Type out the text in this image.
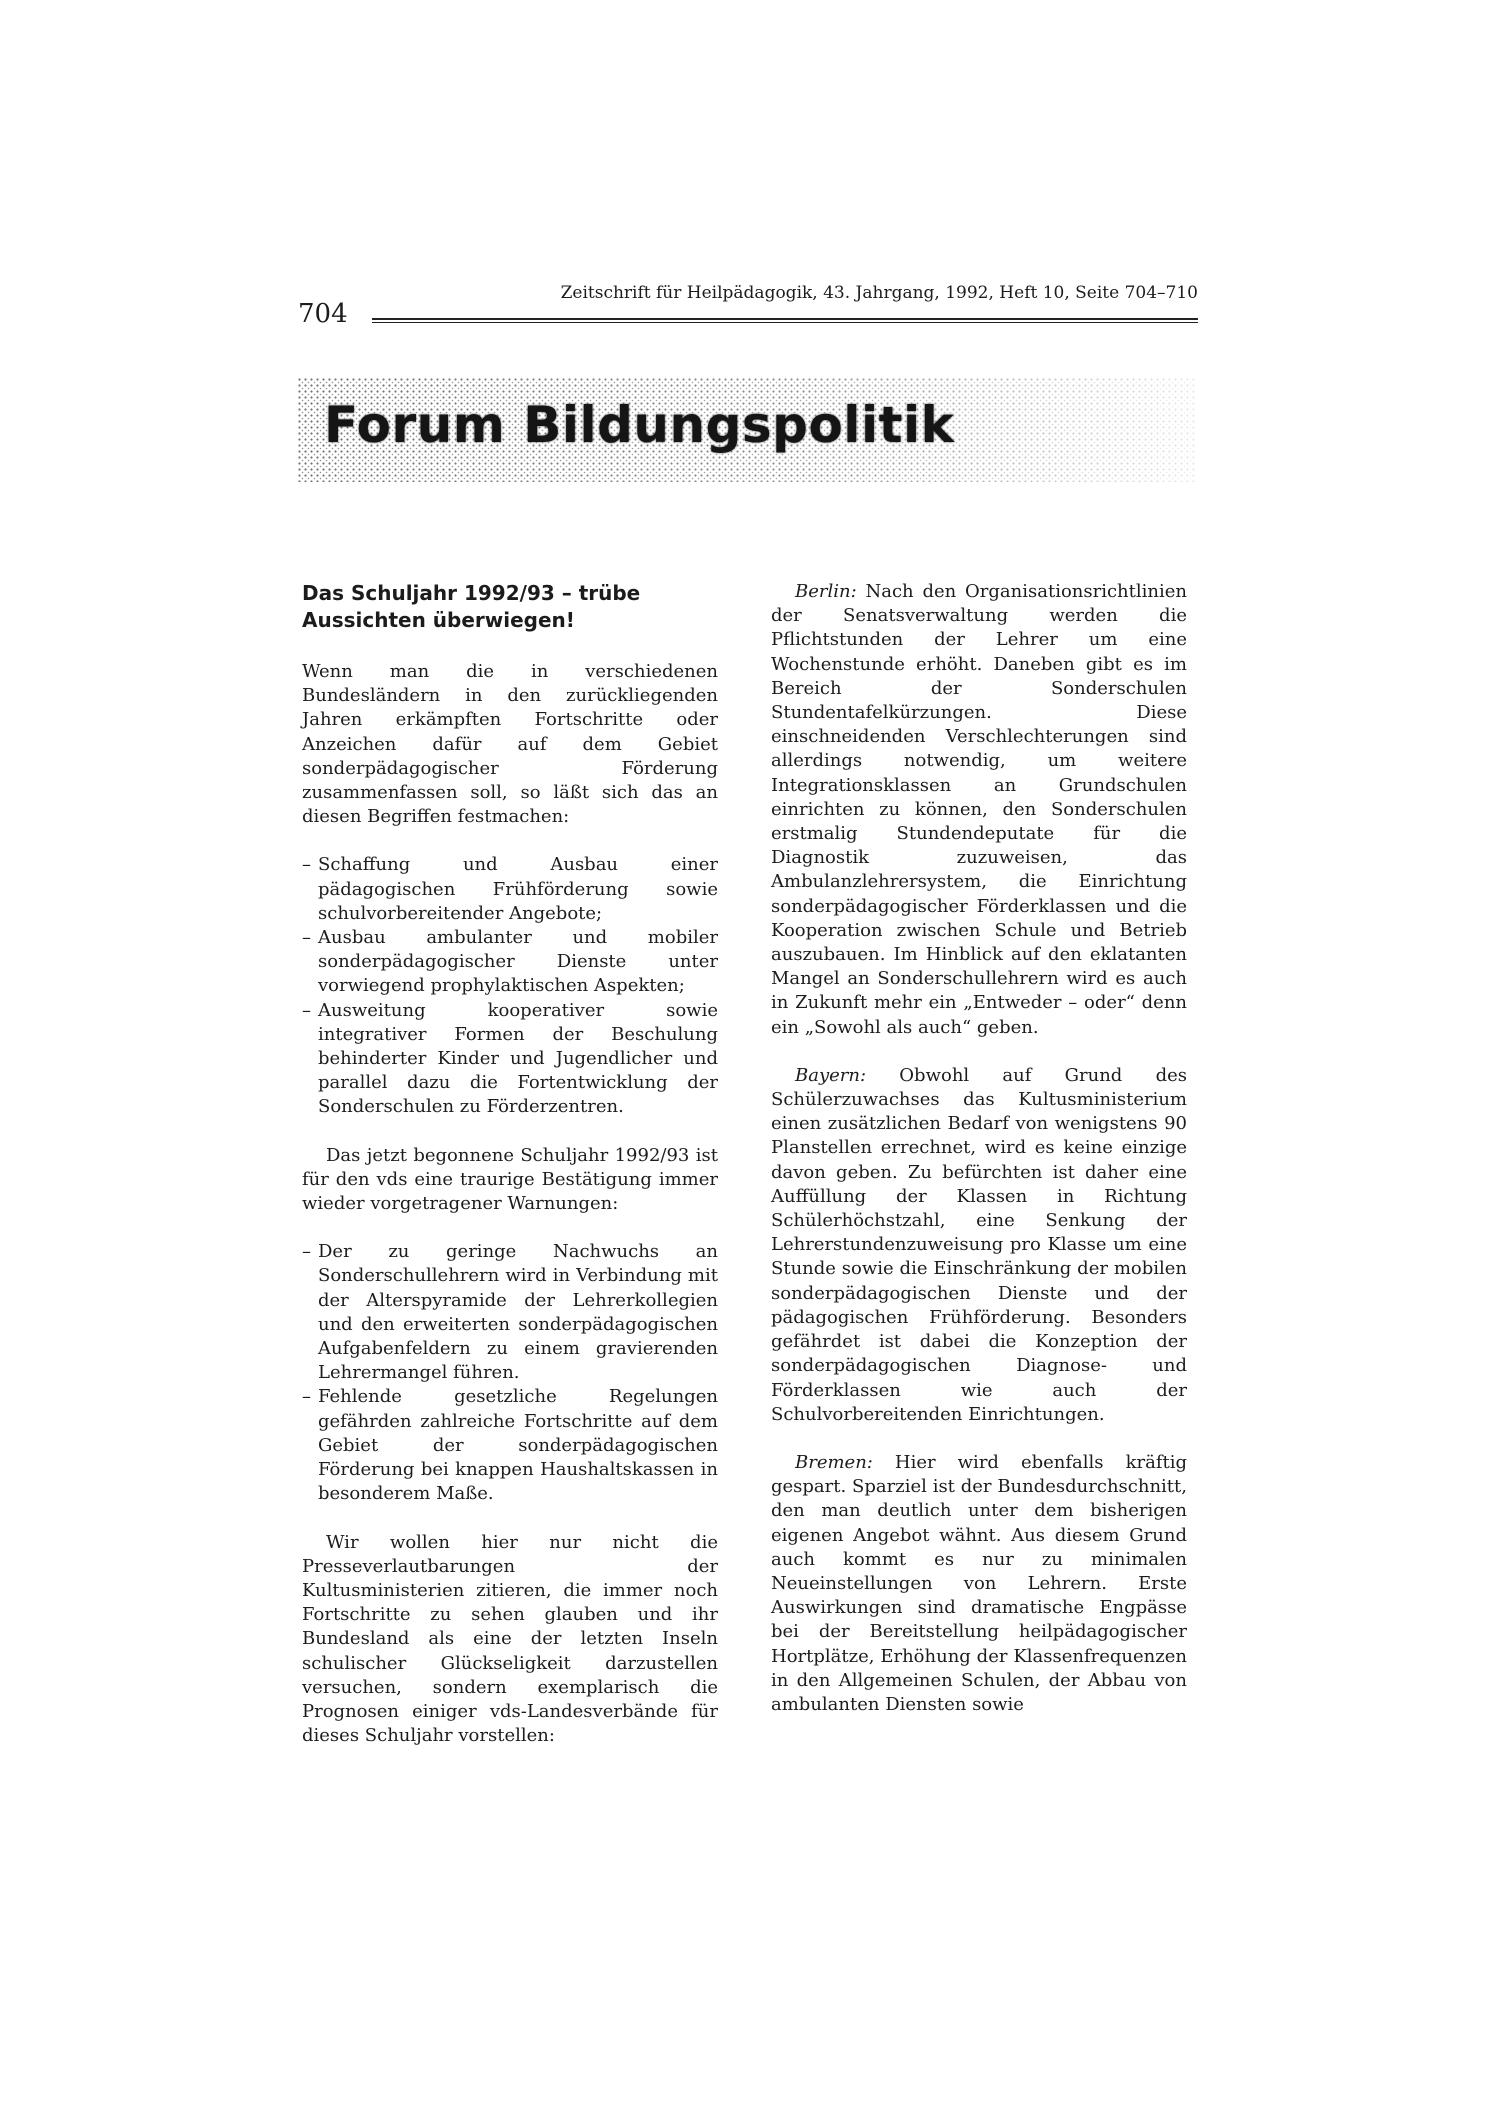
704
Zeitschrift für Heilpädagogik, 43. Jahrgang, 1992, Heft 10, Seite 704–710
Forum Bildungspolitik
Das Schuljahr 1992/93 – trübe Aussichten überwiegen!

Wenn man die in verschiedenen Bundesländern in den zurückliegenden Jahren erkämpften Fortschritte oder Anzeichen dafür auf dem Gebiet sonderpädagogischer Förderung zusammenfassen soll, so läßt sich das an diesen Begriffen festmachen:

– Schaffung und Ausbau einer pädagogischen Frühförderung sowie schulvorbereitender Angebote;
– Ausbau ambulanter und mobiler sonderpädagogischer Dienste unter vorwiegend prophylaktischen Aspekten;
– Ausweitung kooperativer sowie integrativer Formen der Beschulung behinderter Kinder und Jugendlicher und parallel dazu die Fortentwicklung der Sonderschulen zu Förderzentren.

Das jetzt begonnene Schuljahr 1992/93 ist für den vds eine traurige Bestätigung immer wieder vorgetragener Warnungen:

– Der zu geringe Nachwuchs an Sonderschullehrern wird in Verbindung mit der Alterspyramide der Lehrerkollegien und den erweiterten sonderpädagogischen Aufgabenfeldern zu einem gravierenden Lehrermangel führen.
– Fehlende gesetzliche Regelungen gefährden zahlreiche Fortschritte auf dem Gebiet der sonderpädagogischen Förderung bei knappen Haushaltskassen in besonderem Maße.

Wir wollen hier nur nicht die Presseverlautbarungen der Kultusministerien zitieren, die immer noch Fortschritte zu sehen glauben und ihr Bundesland als eine der letzten Inseln schulischer Glückseligkeit darzustellen versuchen, sondern exemplarisch die Prognosen einiger vds-Landesverbände für dieses Schuljahr vorstellen:

Berlin: Nach den Organisationsrichtlinien der Senatsverwaltung werden die Pflichtstunden der Lehrer um eine Wochenstunde erhöht. Daneben gibt es im Bereich der Sonderschulen Stundentafelkürzungen. Diese einschneidenden Verschlechterungen sind allerdings notwendig, um weitere Integrationsklassen an Grundschulen einrichten zu können, den Sonderschulen erstmalig Stundendeputate für die Diagnostik zuzuweisen, das Ambulanzlehrersystem, die Einrichtung sonderpädagogischer Förderklassen und die Kooperation zwischen Schule und Betrieb auszubauen. Im Hinblick auf den eklatanten Mangel an Sonderschullehrern wird es auch in Zukunft mehr ein „Entweder – oder“ denn ein „Sowohl als auch“ geben.

Bayern: Obwohl auf Grund des Schülerzuwachses das Kultusministerium einen zusätzlichen Bedarf von wenigstens 90 Planstellen errechnet, wird es keine einzige davon geben. Zu befürchten ist daher eine Auffüllung der Klassen in Richtung Schülerhöchstzahl, eine Senkung der Lehrerstundenzuweisung pro Klasse um eine Stunde sowie die Einschränkung der mobilen sonderpädagogischen Dienste und der pädagogischen Frühförderung. Besonders gefährdet ist dabei die Konzeption der sonderpädagogischen Diagnose- und Förderklassen wie auch der Schulvorbereitenden Einrichtungen.

Bremen: Hier wird ebenfalls kräftig gespart. Sparziel ist der Bundesdurchschnitt, den man deutlich unter dem bisherigen eigenen Angebot wähnt. Aus diesem Grund auch kommt es nur zu minimalen Neueinstellungen von Lehrern. Erste Auswirkungen sind dramatische Engpässe bei der Bereitstellung heilpädagogischer Hortplätze, Erhöhung der Klassenfrequenzen in den Allgemeinen Schulen, der Abbau von ambulanten Diensten sowie
